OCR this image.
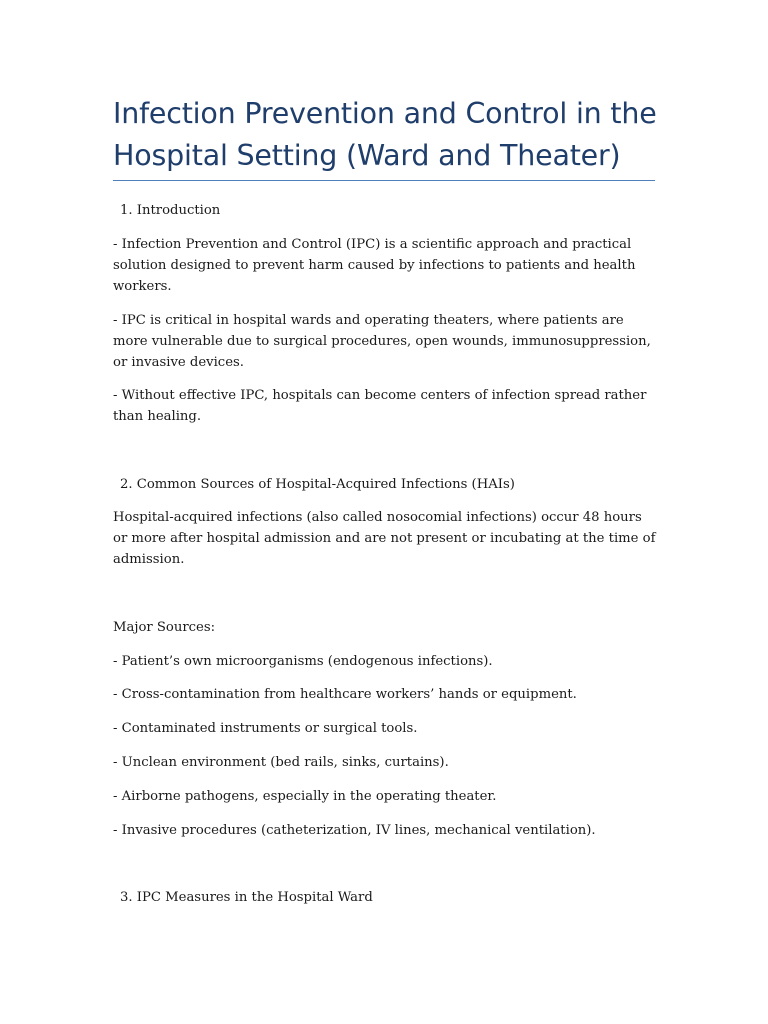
Infection Prevention and Control in the Hospital Setting (Ward and Theater)

1. Introduction

- Infection Prevention and Control (IPC) is a scientific approach and practical solution designed to prevent harm caused by infections to patients and health workers.

- IPC is critical in hospital wards and operating theaters, where patients are more vulnerable due to surgical procedures, open wounds, immunosuppression, or invasive devices.

- Without effective IPC, hospitals can become centers of infection spread rather than healing.

2. Common Sources of Hospital-Acquired Infections (HAIs)

Hospital-acquired infections (also called nosocomial infections) occur 48 hours or more after hospital admission and are not present or incubating at the time of admission.

Major Sources:

- Patient’s own microorganisms (endogenous infections).

- Cross-contamination from healthcare workers’ hands or equipment.

- Contaminated instruments or surgical tools.

- Unclean environment (bed rails, sinks, curtains).

- Airborne pathogens, especially in the operating theater.

- Invasive procedures (catheterization, IV lines, mechanical ventilation).

3. IPC Measures in the Hospital Ward
